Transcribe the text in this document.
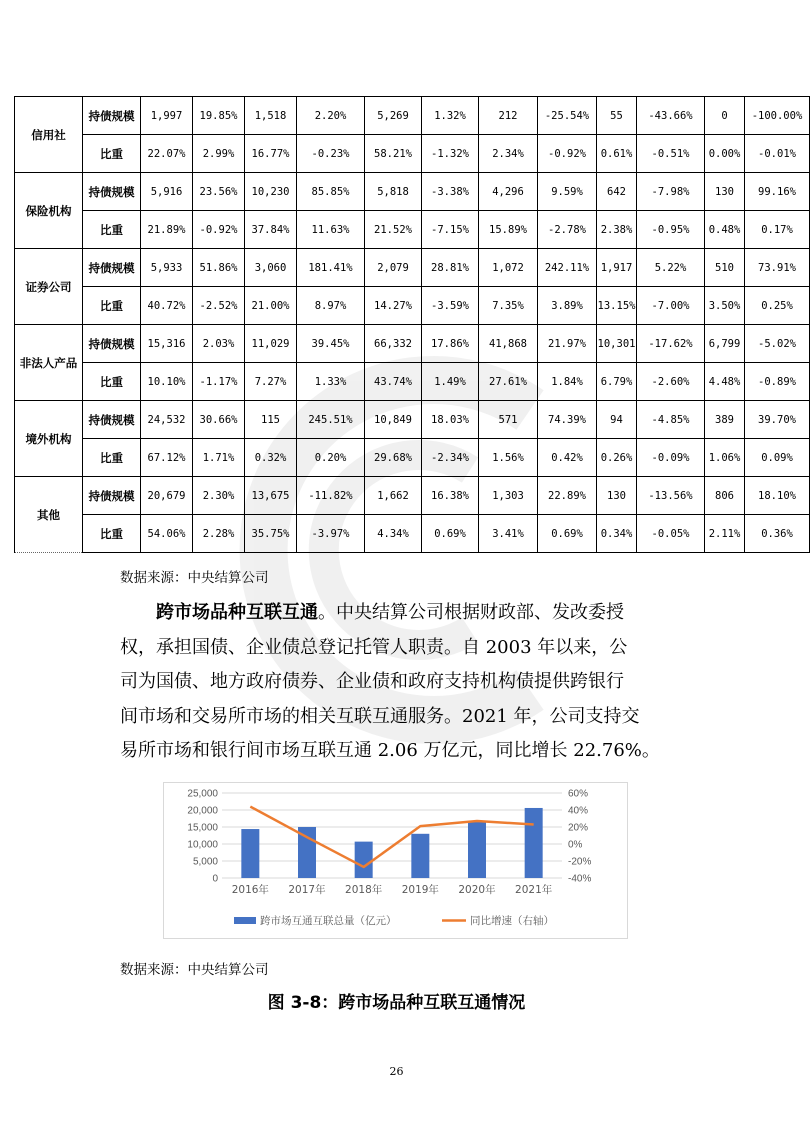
信用社	持债规模	1,997	19.85%	1,518	2.20%	5,269	1.32%	212	-25.54%	55	-43.66%	0	-100.00%
	比重	22.07%	2.99%	16.77%	-0.23%	58.21%	-1.32%	2.34%	-0.92%	0.61%	-0.51%	0.00%	-0.01%
保险机构	持债规模	5,916	23.56%	10,230	85.85%	5,818	-3.38%	4,296	9.59%	642	-7.98%	130	99.16%
	比重	21.89%	-0.92%	37.84%	11.63%	21.52%	-7.15%	15.89%	-2.78%	2.38%	-0.95%	0.48%	0.17%
证券公司	持债规模	5,933	51.86%	3,060	181.41%	2,079	28.81%	1,072	242.11%	1,917	5.22%	510	73.91%
	比重	40.72%	-2.52%	21.00%	8.97%	14.27%	-3.59%	7.35%	3.89%	13.15%	-7.00%	3.50%	0.25%
非法人产品	持债规模	15,316	2.03%	11,029	39.45%	66,332	17.86%	41,868	21.97%	10,301	-17.62%	6,799	-5.02%
	比重	10.10%	-1.17%	7.27%	1.33%	43.74%	1.49%	27.61%	1.84%	6.79%	-2.60%	4.48%	-0.89%
境外机构	持债规模	24,532	30.66%	115	245.51%	10,849	18.03%	571	74.39%	94	-4.85%	389	39.70%
	比重	67.12%	1.71%	0.32%	0.20%	29.68%	-2.34%	1.56%	0.42%	0.26%	-0.09%	1.06%	0.09%
其他	持债规模	20,679	2.30%	13,675	-11.82%	1,662	16.38%	1,303	22.89%	130	-13.56%	806	18.10%
	比重	54.06%	2.28%	35.75%	-3.97%	4.34%	0.69%	3.41%	0.69%	0.34%	-0.05%	2.11%	0.36%
数据来源：中央结算公司
跨市场品种互联互通。中央结算公司根据财政部、发改委授
权，承担国债、企业债总登记托管人职责。自 2003 年以来，公
司为国债、地方政府债券、企业债和政府支持机构债提供跨银行
间市场和交易所市场的相关互联互通服务。2021 年，公司支持交
易所市场和银行间市场互联互通 2.06 万亿元，同比增长 22.76%。
0
5,000
10,000
15,000
20,000
25,000
-40%
-20%
0%
20%
40%
60%
2016年 2017年 2018年 2019年 2020年 2021年
跨市场互通互联总量（亿元）	同比增速（右轴）
数据来源：中央结算公司
图 3-8：跨市场品种互联互通情况
26
